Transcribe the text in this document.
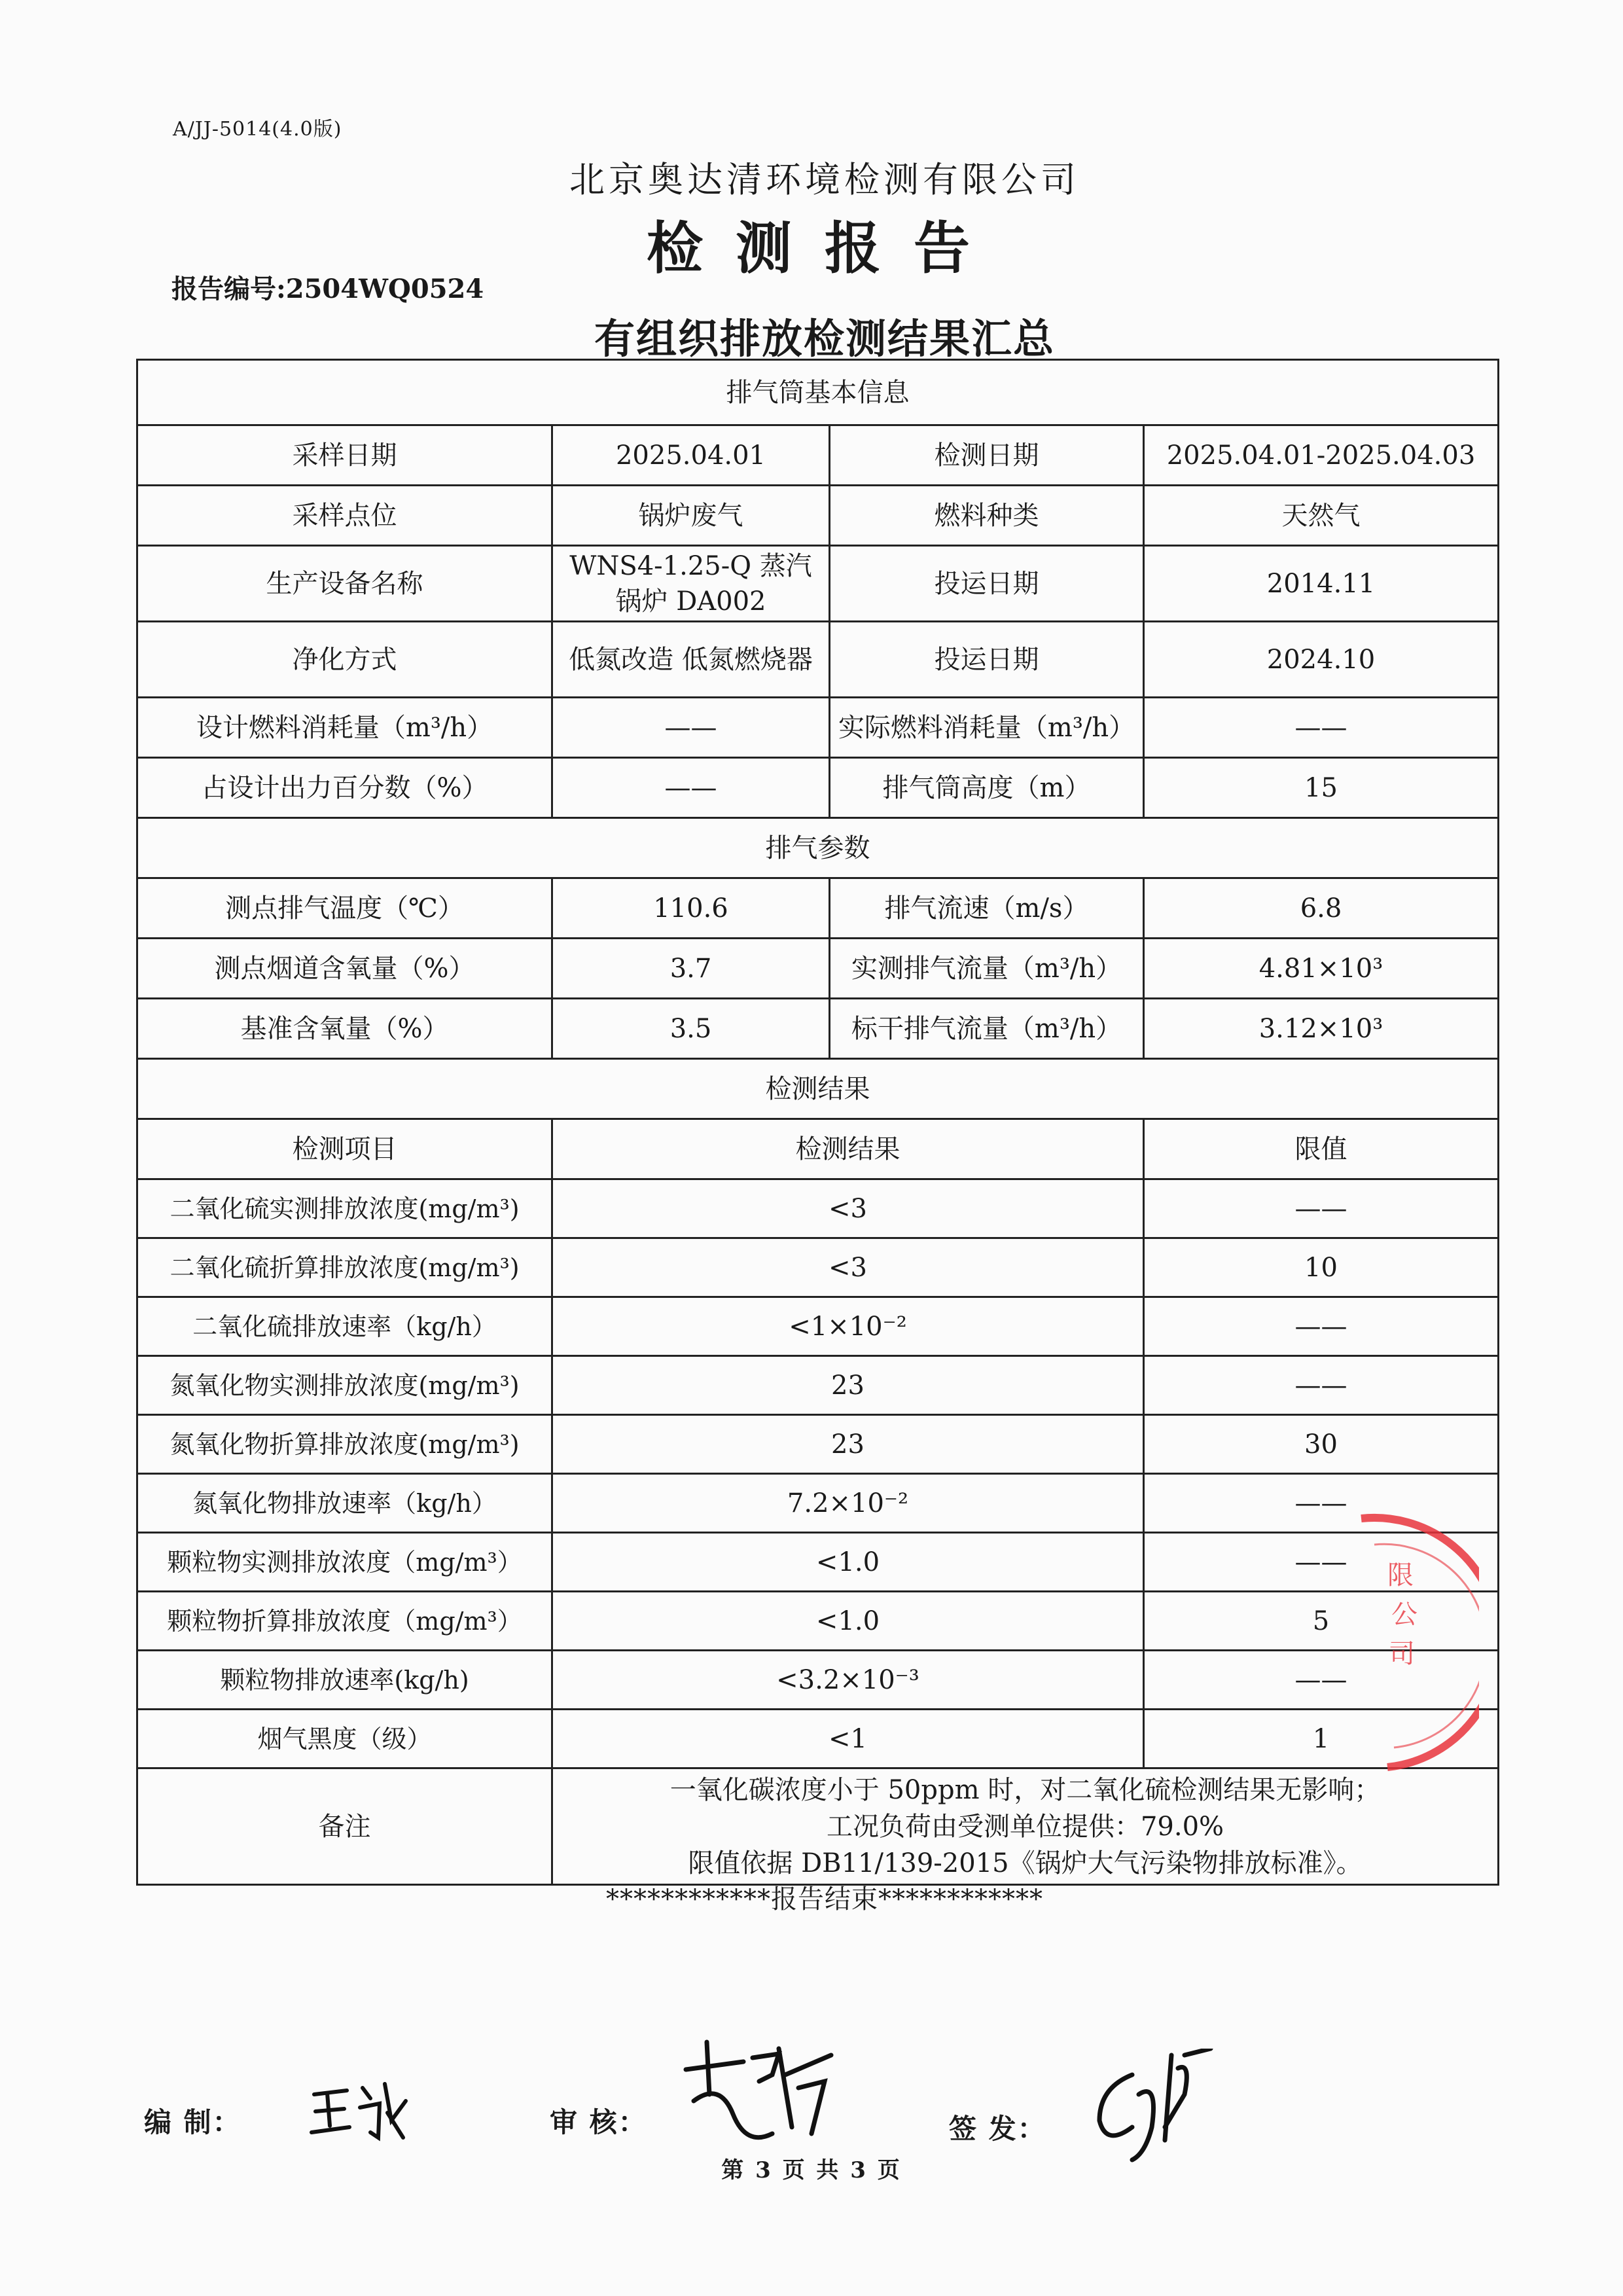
A/JJ-5014(4.0版)
北京奥达清环境检测有限公司
检测报告
报告编号:2504WQ0524
有组织排放检测结果汇总
排气筒基本信息			
采样日期	2025.04.01	检测日期	2025.04.01-2025.04.03
采样点位	锅炉废气	燃料种类	天然气
生产设备名称	WNS4-1.25-Q 蒸汽锅炉 DA002	投运日期	2014.11
净化方式	低氮改造 低氮燃烧器	投运日期	2024.10
设计燃料消耗量（m³/h）	——	实际燃料消耗量（m³/h）	——
占设计出力百分数（%）	——	排气筒高度（m）	15
排气参数			
测点排气温度（℃）	110.6	排气流速（m/s）	6.8
测点烟道含氧量（%）	3.7	实测排气流量（m³/h）	4.81×10³
基准含氧量（%）	3.5	标干排气流量（m³/h）	3.12×10³
检测结果			
检测项目	检测结果		限值
二氧化硫实测排放浓度(mg/m³)	<3		——
二氧化硫折算排放浓度(mg/m³)	<3		10
二氧化硫排放速率（kg/h）	<1×10⁻²		——
氮氧化物实测排放浓度(mg/m³)	23		——
氮氧化物折算排放浓度(mg/m³)	23		30
氮氧化物排放速率（kg/h）	7.2×10⁻²		——
颗粒物实测排放浓度（mg/m³）	<1.0		——
颗粒物折算排放浓度（mg/m³）	<1.0		5
颗粒物排放速率(kg/h)	<3.2×10⁻³		——
烟气黑度（级）	<1		1
备注	一氧化碳浓度小于 50ppm 时，对二氧化硫检测结果无影响；
工况负荷由受测单位提供：79.0%
限值依据 DB11/139-2015《锅炉大气污染物排放标准》。		
************报告结束************
编 制：	审 核：	签 发：
限
公
司
第 3 页 共 3 页
